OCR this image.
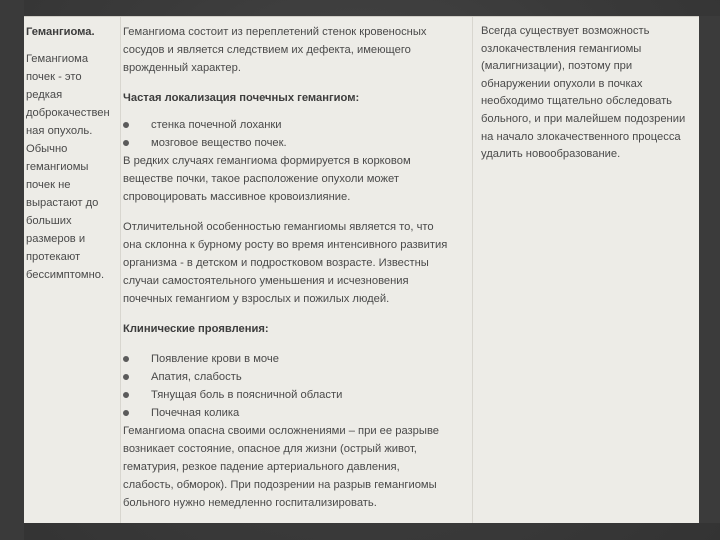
Гемангиома.

Гемангиома
почек - это
редкая
доброкачествен
ная опухоль.
Обычно
гемангиомы
почек не
вырастают до
больших
размеров и
протекают
бессимптомно.
Гемангиома состоит из переплетений стенок кровеносных
сосудов и является следствием их дефекта, имеющего
врожденный характер.

Частая локализация почечных гемангиом:

стенка почечной лоханки
мозговое вещество почек.
В редких случаях гемангиома формируется в корковом
веществе почки, такое расположение опухоли может
спровоцировать массивное кровоизлияние.
Отличительной особенностью гемангиомы является то, что
она склонна к бурному росту во время интенсивного развития
организма - в детском и подростковом возрасте. Известны
случаи самостоятельного уменьшения и исчезновения
почечных гемангиом у взрослых и пожилых людей.

Клинические проявления:

Появление крови в моче
Апатия, слабость
Тянущая боль в поясничной области
Почечная колика
Гемангиома опасна своими осложнениями – при ее разрыве
возникает состояние, опасное для жизни (острый живот,
гематурия, резкое падение артериального давления,
слабость, обморок). При подозрении на разрыв гемангиомы
больного нужно немедленно госпитализировать.
Всегда существует возможность
озлокачествления гемангиомы
(малигнизации), поэтому при
обнаружении опухоли в почках
необходимо тщательно обследовать
больного, и при малейшем подозрении
на начало злокачественного процесса
удалить новообразование.
